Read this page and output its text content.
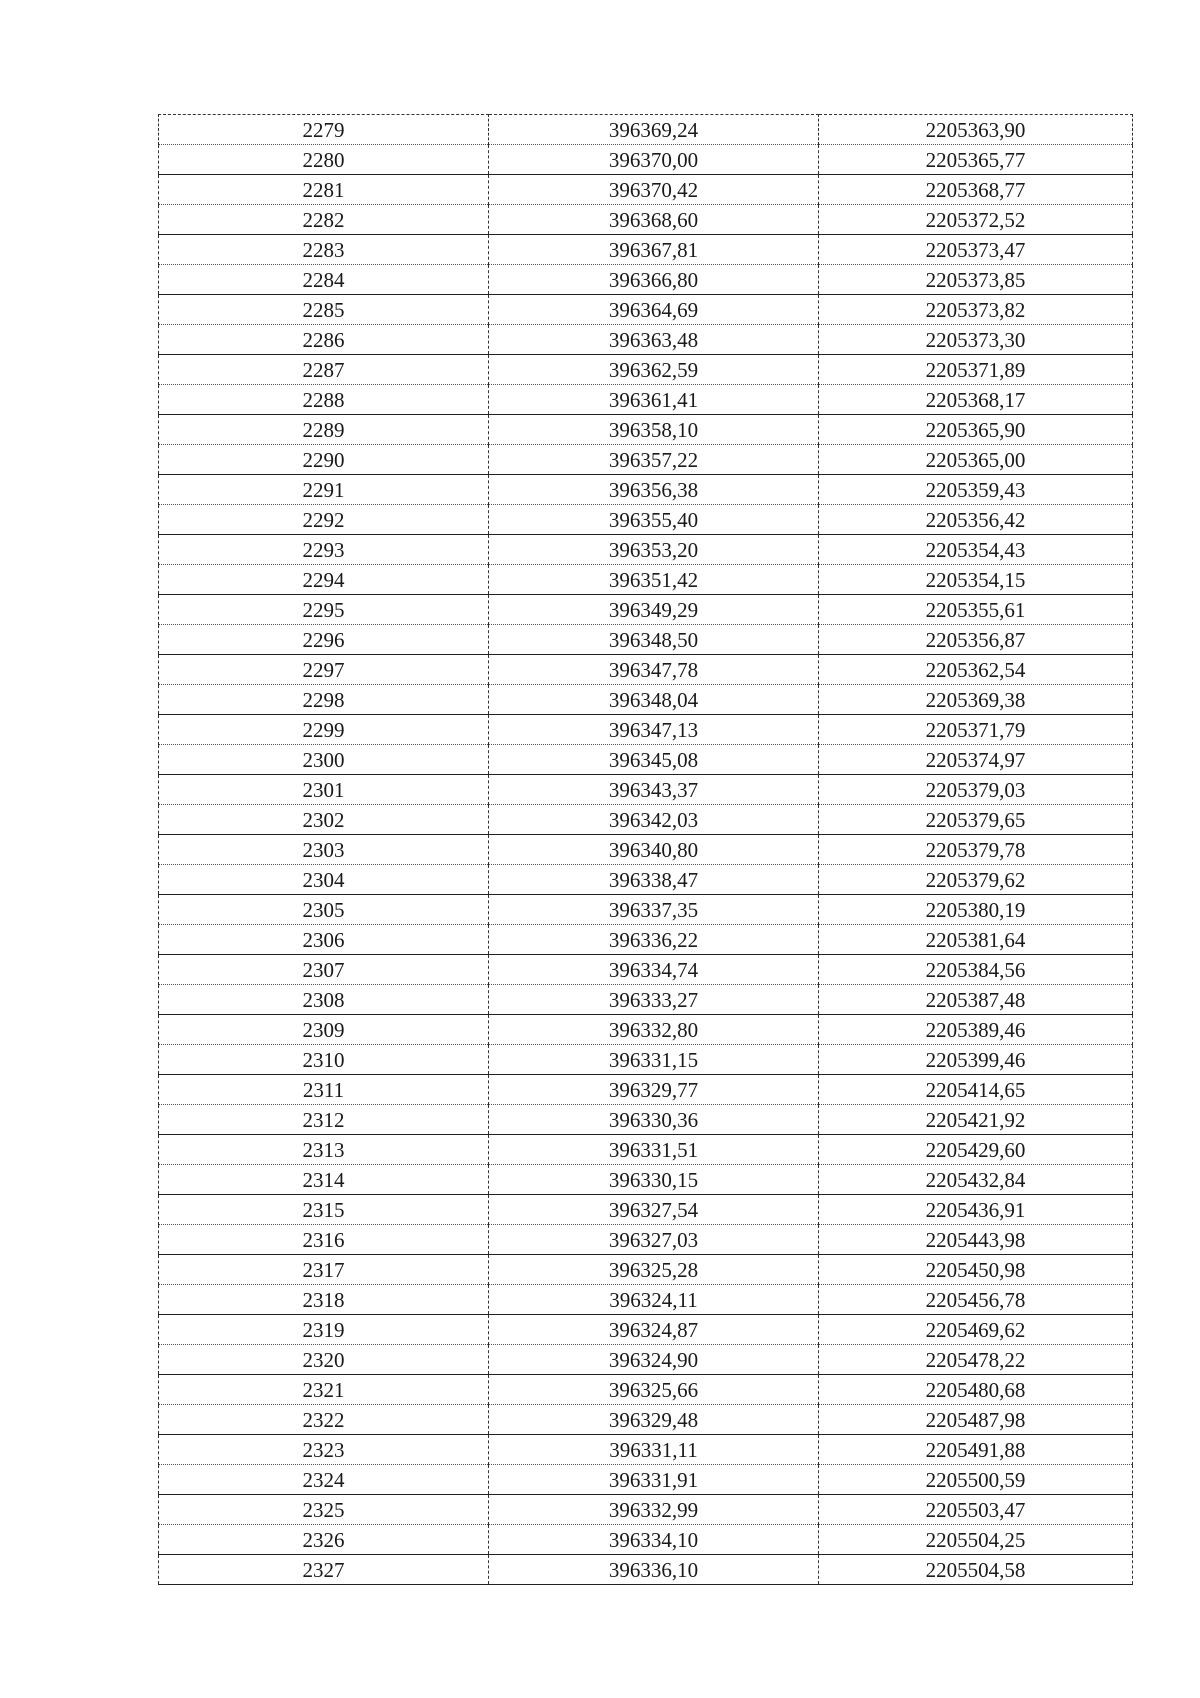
2279	396369,24	2205363,90
2280	396370,00	2205365,77
2281	396370,42	2205368,77
2282	396368,60	2205372,52
2283	396367,81	2205373,47
2284	396366,80	2205373,85
2285	396364,69	2205373,82
2286	396363,48	2205373,30
2287	396362,59	2205371,89
2288	396361,41	2205368,17
2289	396358,10	2205365,90
2290	396357,22	2205365,00
2291	396356,38	2205359,43
2292	396355,40	2205356,42
2293	396353,20	2205354,43
2294	396351,42	2205354,15
2295	396349,29	2205355,61
2296	396348,50	2205356,87
2297	396347,78	2205362,54
2298	396348,04	2205369,38
2299	396347,13	2205371,79
2300	396345,08	2205374,97
2301	396343,37	2205379,03
2302	396342,03	2205379,65
2303	396340,80	2205379,78
2304	396338,47	2205379,62
2305	396337,35	2205380,19
2306	396336,22	2205381,64
2307	396334,74	2205384,56
2308	396333,27	2205387,48
2309	396332,80	2205389,46
2310	396331,15	2205399,46
2311	396329,77	2205414,65
2312	396330,36	2205421,92
2313	396331,51	2205429,60
2314	396330,15	2205432,84
2315	396327,54	2205436,91
2316	396327,03	2205443,98
2317	396325,28	2205450,98
2318	396324,11	2205456,78
2319	396324,87	2205469,62
2320	396324,90	2205478,22
2321	396325,66	2205480,68
2322	396329,48	2205487,98
2323	396331,11	2205491,88
2324	396331,91	2205500,59
2325	396332,99	2205503,47
2326	396334,10	2205504,25
2327	396336,10	2205504,58
